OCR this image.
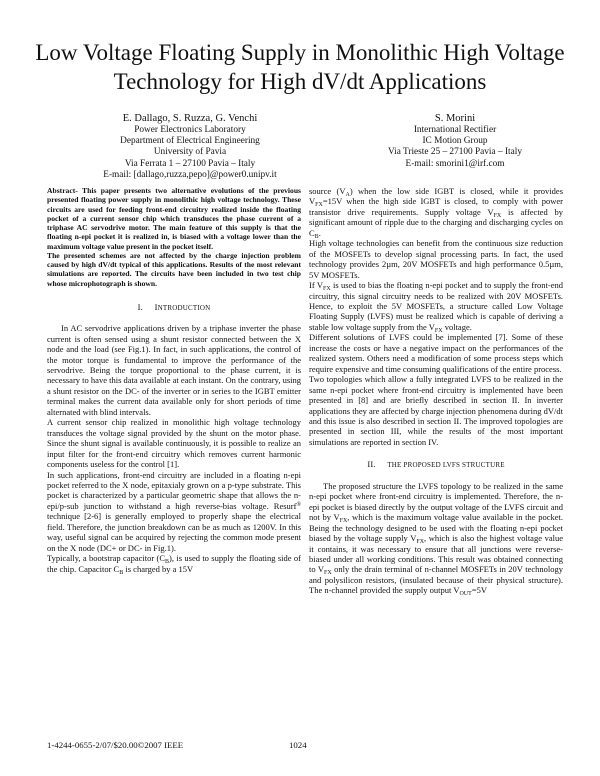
Low Voltage Floating Supply in Monolithic High Voltage Technology for High dV/dt Applications
E. Dallago, S. Ruzza, G. Venchi
Power Electronics Laboratory
Department of Electrical Engineering
University of Pavia
Via Ferrata 1 – 27100 Pavia – Italy
E-mail: [dallago,ruzza,pepo]@power0.unipv.it
S. Morini
International Rectifier
IC Motion Group
Via Trieste 25 – 27100 Pavia – Italy
E-mail: smorini1@irf.com

Abstract- This paper presents two alternative evolutions of the previous presented floating power supply in monolithic high voltage technology. These circuits are used for feeding front-end circuitry realized inside the floating pocket of a current sensor chip which transduces the phase current of a triphase AC servodrive motor. The main feature of this supply is that the floating n-epi pocket it is realized in, is biased with a voltage lower than the maximum voltage value present in the pocket itself.

The presented schemes are not affected by the charge injection problem caused by high dV/dt typical of this applications. Results of the most relevant simulations are reported. The circuits have been included in two test chip whose microphotograph is shown.

I. INTRODUCTION

In AC servodrive applications driven by a triphase inverter the phase current is often sensed using a shunt resistor connected between the X node and the load (see Fig.1). In fact, in such applications, the control of the motor torque is fundamental to improve the performance of the servodrive. Being the torque proportional to the phase current, it is necessary to have this data available at each instant. On the contrary, using a shunt resistor on the DC- of the inverter or in series to the IGBT emitter terminal makes the current data available only for short periods of time alternated with blind intervals.

A current sensor chip realized in monolithic high voltage technology transduces the voltage signal provided by the shunt on the motor phase. Since the shunt signal is available continuously, it is possible to realize an input filter for the front-end circuitry which removes current harmonic components useless for the control [1].

In such applications, front-end circuitry are included in a floating n-epi pocket referred to the X node, epitaxialy grown on a p-type substrate. This pocket is characterized by a particular geometric shape that allows the n-epi/p-sub junction to withstand a high reverse-bias voltage. Resurf® technique [2-6] is generally employed to properly shape the electrical field. Therefore, the junction breakdown can be as much as 1200V. In this way, useful signal can be acquired by rejecting the common mode present on the X node (DC+ or DC- in Fig.1).

Typically, a bootstrap capacitor $(C_B)$, is used to supply the floating side of the chip. Capacitor $C_B$ is charged by a 15V

source $(V_A)$ when the low side IGBT is closed, while it provides $V_{FX}=15V$ when the high side IGBT is closed, to comply with power transistor drive requirements. Supply voltage $V_{FX}$ is affected by significant amount of ripple due to the charging and discharging cycles on $C_B$.

High voltage technologies can benefit from the continuous size reduction of the MOSFETs to develop signal processing parts. In fact, the used technology provides 2µm, 20V MOSFETs and high performance 0.5µm, 5V MOSFETs.

If $V_{FX}$ is used to bias the floating n-epi pocket and to supply the front-end circuitry, this signal circuitry needs to be realized with 20V MOSFETs. Hence, to exploit the 5V MOSFETs, a structure called Low Voltage Floating Supply (LVFS) must be realized which is capable of deriving a stable low voltage supply from the $V_{FX}$ voltage.

Different solutions of LVFS could be implemented [7]. Some of these increase the costs or have a negative impact on the performances of the realized system. Others need a modification of some process steps which require expensive and time consuming qualifications of the entire process.

Two topologies which allow a fully integrated LVFS to be realized in the same n-epi pocket where front-end circuitry is implemented have been presented in [8] and are briefly described in section II. In inverter applications they are affected by charge injection phenomena during dV/dt and this issue is also described in section II. The improved topologies are presented in section III, while the results of the most important simulations are reported in section IV.

II. THE PROPOSED LVFS STRUCTURE

The proposed structure the LVFS topology to be realized in the same n-epi pocket where front-end circuitry is implemented. Therefore, the n-epi pocket is biased directly by the output voltage of the LVFS circuit and not by $V_{FX}$, which is the maximum voltage value available in the pocket. Being the technology designed to be used with the floating n-epi pocket biased by the voltage supply $V_{FX}$, which is also the highest voltage value it contains, it was necessary to ensure that all junctions were reverse-biased under all working conditions. This result was obtained connecting to $V_{FX}$ only the drain terminal of n-channel MOSFETs in 20V technology and polysilicon resistors, (insulated because of their physical structure). The n-channel provided the supply output $V_{OUT}=5V$

1-4244-0655-2/07/$20.00©2007 IEEE	1024
